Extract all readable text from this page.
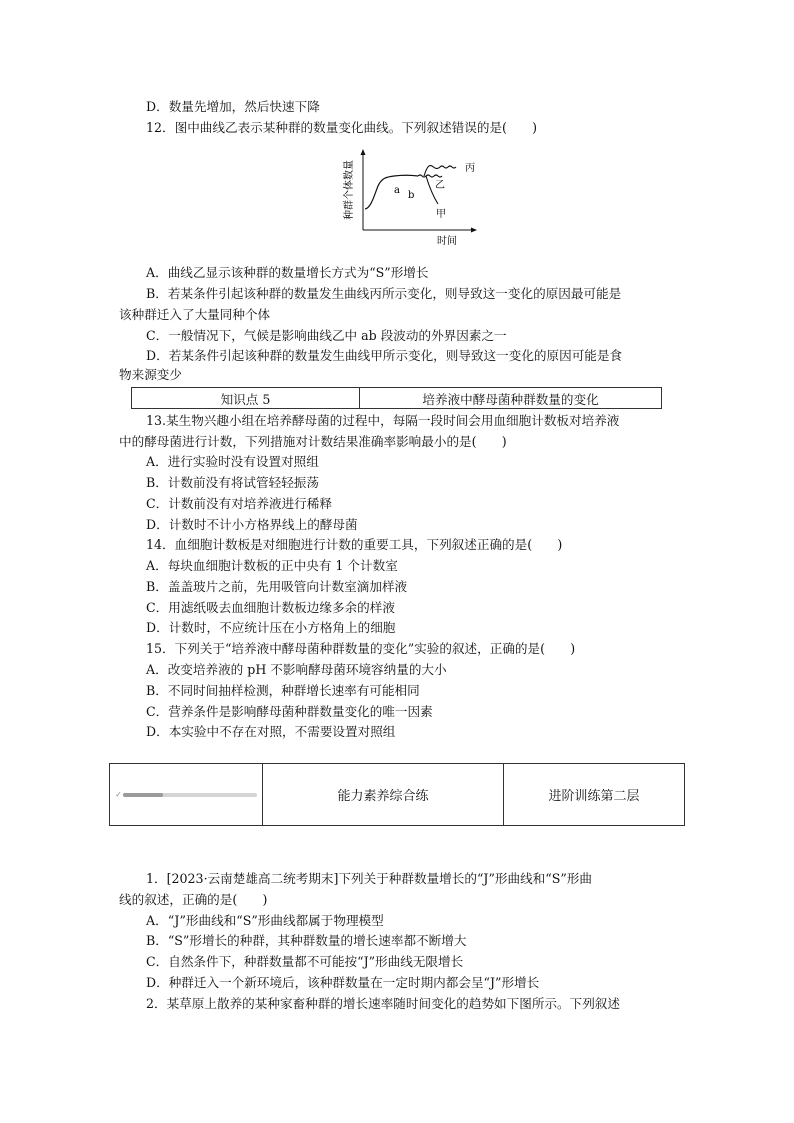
D．数量先增加，然后快速下降
12．图中曲线乙表示某种群的数量变化曲线。下列叙述错误的是(　　)
种群个体数量
时间
a b
丙
乙
甲
A．曲线乙显示该种群的数量增长方式为“S”形增长
B．若某条件引起该种群的数量发生曲线丙所示变化，则导致这一变化的原因最可能是
该种群迁入了大量同种个体
C．一般情况下，气候是影响曲线乙中 ab 段波动的外界因素之一
D．若某条件引起该种群的数量发生曲线甲所示变化，则导致这一变化的原因可能是食
物来源变少
知识点 5	培养液中酵母菌种群数量的变化
13.某生物兴趣小组在培养酵母菌的过程中，每隔一段时间会用血细胞计数板对培养液
中的酵母菌进行计数，下列措施对计数结果准确率影响最小的是(　　)
A．进行实验时没有设置对照组
B．计数前没有将试管轻轻振荡
C．计数前没有对培养液进行稀释
D．计数时不计小方格界线上的酵母菌
14．血细胞计数板是对细胞进行计数的重要工具，下列叙述正确的是(　　)
A．每块血细胞计数板的正中央有 1 个计数室
B．盖盖玻片之前，先用吸管向计数室滴加样液
C．用滤纸吸去血细胞计数板边缘多余的样液
D．计数时，不应统计压在小方格角上的细胞
15．下列关于“培养液中酵母菌种群数量的变化”实验的叙述，正确的是(　　)
A．改变培养液的 pH 不影响酵母菌环境容纳量的大小
B．不同时间抽样检测，种群增长速率有可能相同
C．营养条件是影响酵母菌种群数量变化的唯一因素
D．本实验中不存在对照，不需要设置对照组
✓	能力素养综合练	进阶训练第二层
1．[2023·云南楚雄高二统考期末]下列关于种群数量增长的“J”形曲线和“S”形曲
线的叙述，正确的是(　　)
A．“J”形曲线和“S”形曲线都属于物理模型
B．“S”形增长的种群，其种群数量的增长速率都不断增大
C．自然条件下，种群数量都不可能按“J”形曲线无限增长
D．种群迁入一个新环境后，该种群数量在一定时期内都会呈“J”形增长
2．某草原上散养的某种家畜种群的增长速率随时间变化的趋势如下图所示。下列叙述
